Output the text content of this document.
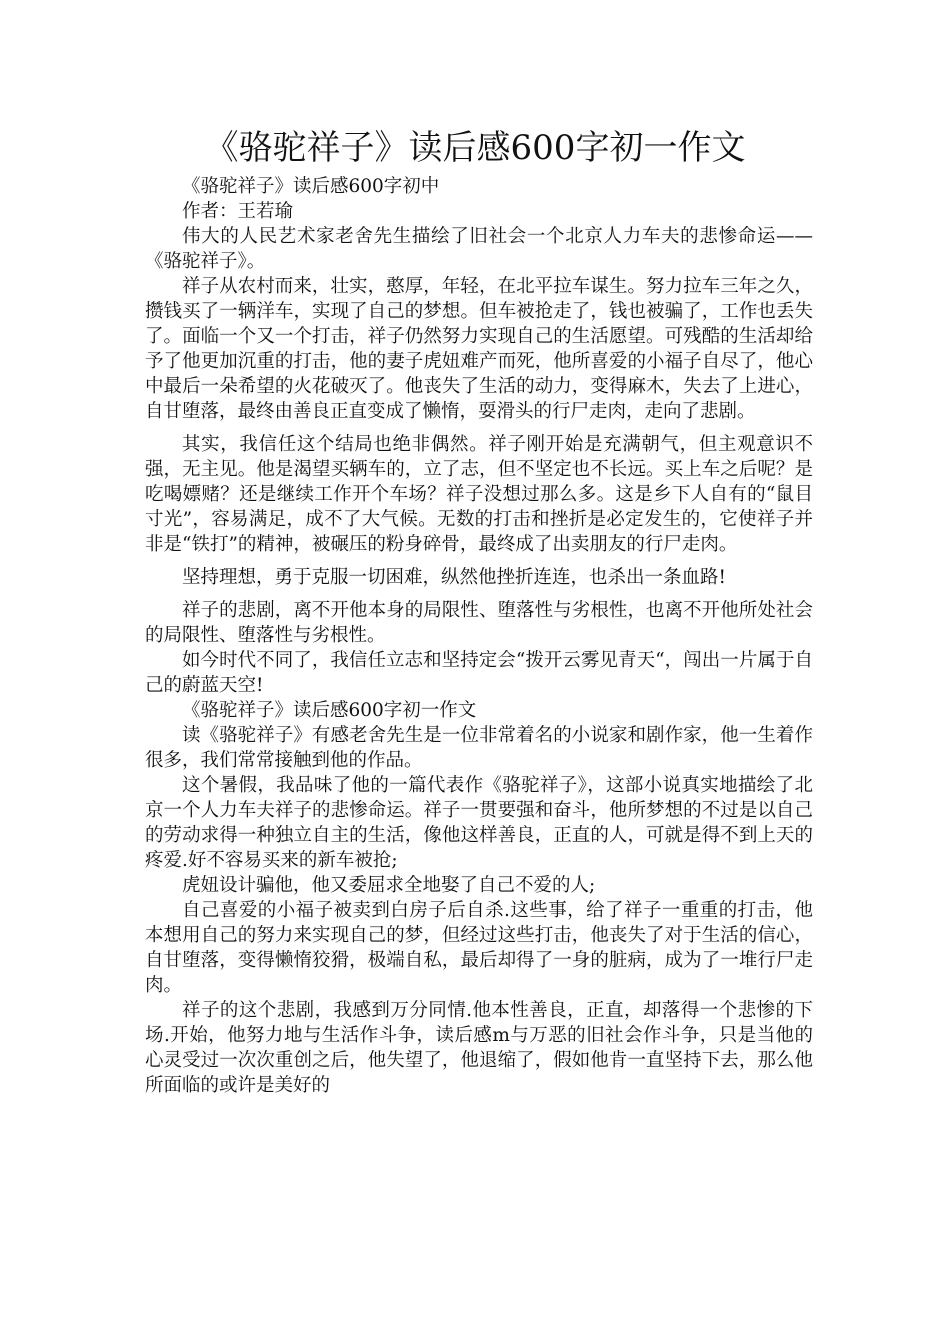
《骆驼祥子》读后感600字初一作文

《骆驼祥子》读后感600字初中

作者：王若瑜

伟大的人民艺术家老舍先生描绘了旧社会一个北京人力车夫的悲惨命运——《骆驼祥子》。

祥子从农村而来，壮实，憨厚，年轻，在北平拉车谋生。努力拉车三年之久，攒钱买了一辆洋车，实现了自己的梦想。但车被抢走了，钱也被骗了，工作也丢失了。面临一个又一个打击，祥子仍然努力实现自己的生活愿望。可残酷的生活却给予了他更加沉重的打击，他的妻子虎妞难产而死，他所喜爱的小福子自尽了，他心中最后一朵希望的火花破灭了。他丧失了生活的动力，变得麻木，失去了上进心，自甘堕落，最终由善良正直变成了懒惰，耍滑头的行尸走肉，走向了悲剧。

其实，我信任这个结局也绝非偶然。祥子刚开始是充满朝气，但主观意识不强，无主见。他是渴望买辆车的，立了志，但不坚定也不长远。买上车之后呢？是吃喝嫖赌？还是继续工作开个车场？祥子没想过那么多。这是乡下人自有的“鼠目寸光”，容易满足，成不了大气候。无数的打击和挫折是必定发生的，它使祥子并非是“铁打”的精神，被碾压的粉身碎骨，最终成了出卖朋友的行尸走肉。

坚持理想，勇于克服一切困难，纵然他挫折连连，也杀出一条血路!

祥子的悲剧，离不开他本身的局限性、堕落性与劣根性，也离不开他所处社会的局限性、堕落性与劣根性。

如今时代不同了，我信任立志和坚持定会“拨开云雾见青天“，闯出一片属于自己的蔚蓝天空!

《骆驼祥子》读后感600字初一作文

读《骆驼祥子》有感老舍先生是一位非常着名的小说家和剧作家，他一生着作很多，我们常常接触到他的作品。

这个暑假，我品味了他的一篇代表作《骆驼祥子》，这部小说真实地描绘了北京一个人力车夫祥子的悲惨命运。祥子一贯要强和奋斗，他所梦想的不过是以自己的劳动求得一种独立自主的生活，像他这样善良，正直的人，可就是得不到上天的疼爱.好不容易买来的新车被抢;

虎妞设计骗他，他又委屈求全地娶了自己不爱的人;

自己喜爱的小福子被卖到白房子后自杀.这些事，给了祥子一重重的打击，他本想用自己的努力来实现自己的梦，但经过这些打击，他丧失了对于生活的信心，自甘堕落，变得懒惰狡猾，极端自私，最后却得了一身的脏病，成为了一堆行尸走肉。

祥子的这个悲剧，我感到万分同情.他本性善良，正直，却落得一个悲惨的下场.开始，他努力地与生活作斗争，读后感m与万恶的旧社会作斗争，只是当他的心灵受过一次次重创之后，他失望了，他退缩了，假如他肯一直坚持下去，那么他所面临的或许是美好的
